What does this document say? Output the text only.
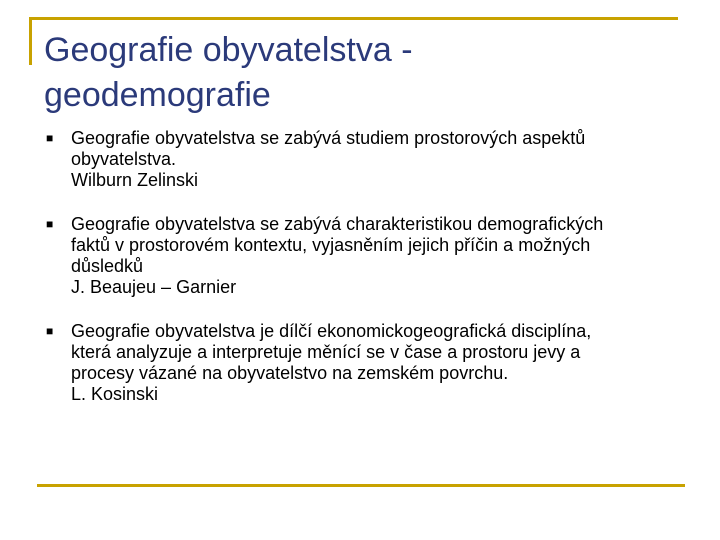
Geografie obyvatelstva -
geodemografie
■ Geografie obyvatelstva se zabývá studiem prostorových aspektů
obyvatelstva.
Wilburn Zelinski
■ Geografie obyvatelstva se zabývá charakteristikou demografických
faktů v prostorovém kontextu, vyjasněním jejich příčin a možných
důsledků
J. Beaujeu – Garnier
■ Geografie obyvatelstva je dílčí ekonomickogeografická disciplína,
která analyzuje a interpretuje měnící se v čase a prostoru jevy a
procesy vázané na obyvatelstvo na zemském povrchu.
L. Kosinski
